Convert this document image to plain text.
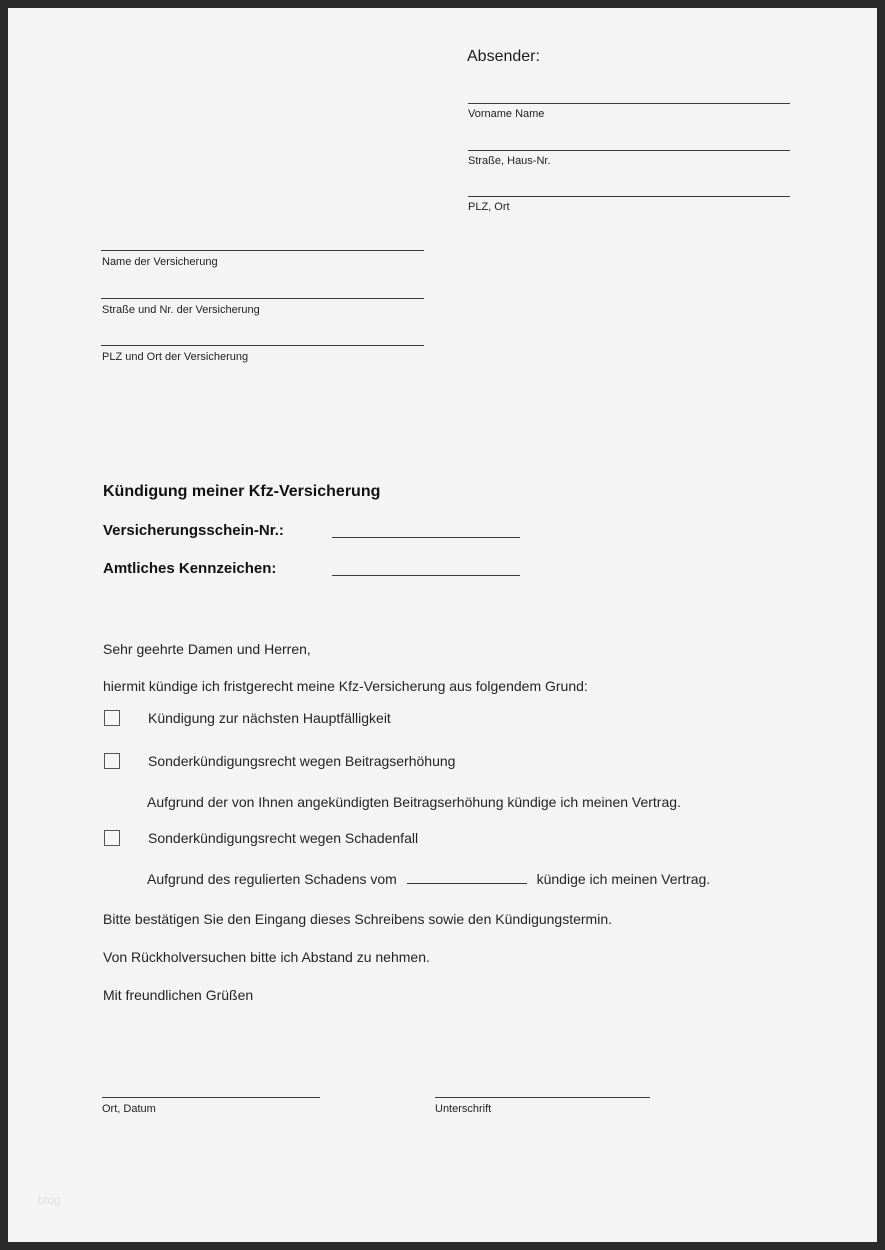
Absender:
Vorname Name
Straße, Haus-Nr.
PLZ, Ort
Name der Versicherung
Straße und Nr. der Versicherung
PLZ und Ort der Versicherung
Kündigung meiner Kfz-Versicherung
Versicherungsschein-Nr.:
Amtliches Kennzeichen:
Sehr geehrte Damen und Herren,
hiermit kündige ich fristgerecht meine Kfz-Versicherung aus folgendem Grund:
Kündigung zur nächsten Hauptfälligkeit
Sonderkündigungsrecht wegen Beitragserhöhung
Aufgrund der von Ihnen angekündigten Beitragserhöhung kündige ich meinen Vertrag.
Sonderkündigungsrecht wegen Schadenfall
Aufgrund des regulierten Schadens vom	kündige ich meinen Vertrag.
Bitte bestätigen Sie den Eingang dieses Schreibens sowie den Kündigungstermin.
Von Rückholversuchen bitte ich Abstand zu nehmen.
Mit freundlichen Grüßen
Ort, Datum	Unterschrift
blog
